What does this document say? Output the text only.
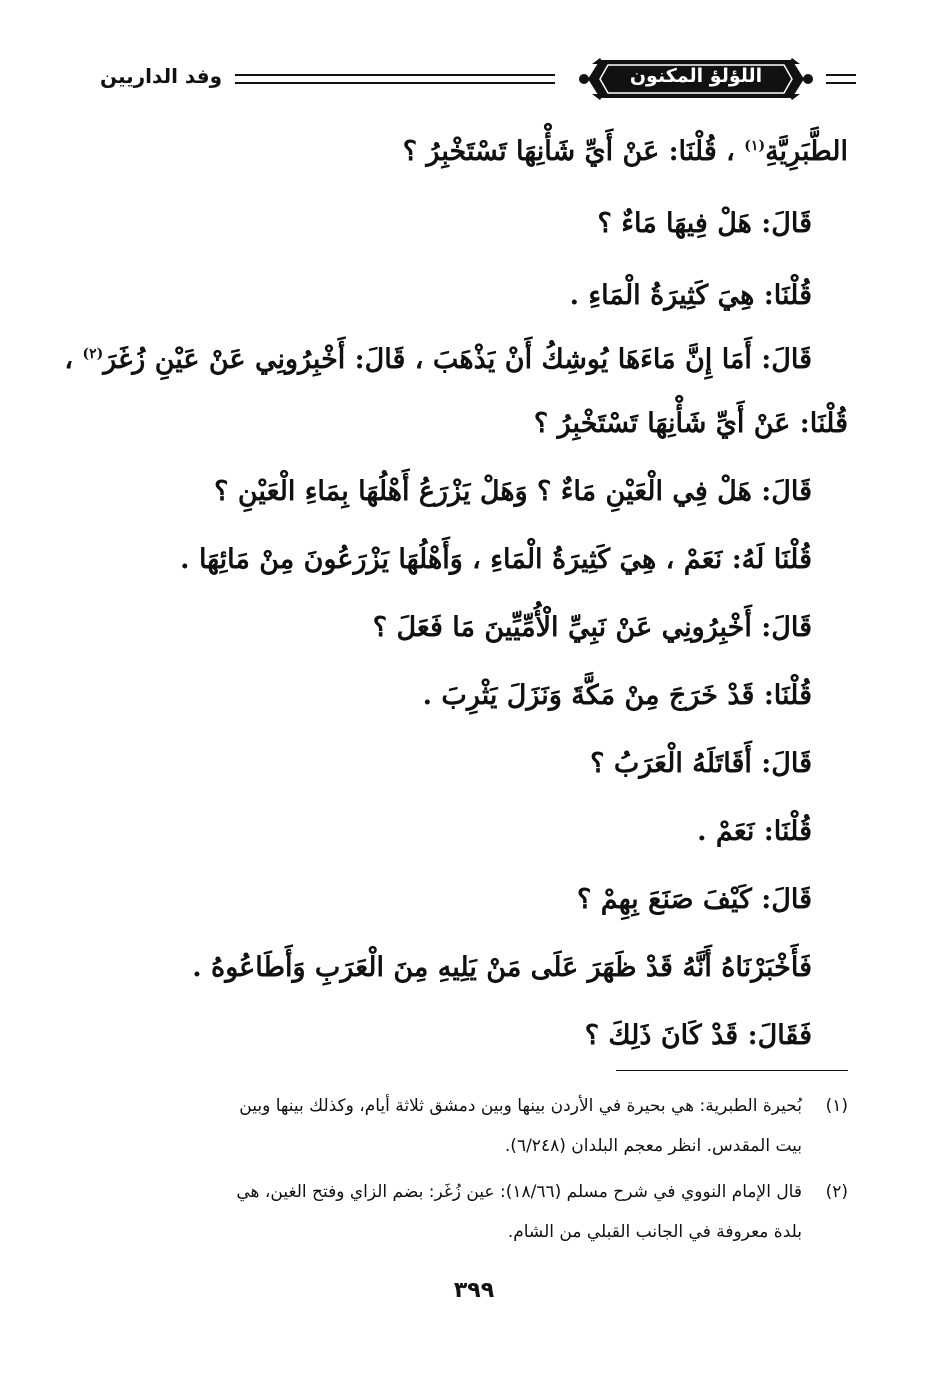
وفد الداريين	اللؤلؤ المكنون
الطَّبَرِيَّةِ$^{(١)}$ ، قُلْنَا: عَنْ أَيِّ شَأْنِهَا تَسْتَخْبِرُ ؟
قَالَ: هَلْ فِيهَا مَاءٌ ؟
قُلْنَا: هِيَ كَثِيرَةُ الْمَاءِ .
قَالَ: أَمَا إِنَّ مَاءَهَا يُوشِكُ أَنْ يَذْهَبَ ، قَالَ: أَخْبِرُونِي عَنْ عَيْنِ زُغَرَ$^{(٢)}$ ،
قُلْنَا: عَنْ أَيِّ شَأْنِهَا تَسْتَخْبِرُ ؟
قَالَ: هَلْ فِي الْعَيْنِ مَاءٌ ؟ وَهَلْ يَزْرَعُ أَهْلُهَا بِمَاءِ الْعَيْنِ ؟
قُلْنَا لَهُ: نَعَمْ ، هِيَ كَثِيرَةُ الْمَاءِ ، وَأَهْلُهَا يَزْرَعُونَ مِنْ مَائِهَا .
قَالَ: أَخْبِرُونِي عَنْ نَبِيِّ الْأُمِّيِّينَ مَا فَعَلَ ؟
قُلْنَا: قَدْ خَرَجَ مِنْ مَكَّةَ وَنَزَلَ يَثْرِبَ .
قَالَ: أَقَاتَلَهُ الْعَرَبُ ؟
قُلْنَا: نَعَمْ .
قَالَ: كَيْفَ صَنَعَ بِهِمْ ؟
فَأَخْبَرْنَاهُ أَنَّهُ قَدْ ظَهَرَ عَلَى مَنْ يَلِيهِ مِنَ الْعَرَبِ وَأَطَاعُوهُ .
فَقَالَ: قَدْ كَانَ ذَلِكَ ؟
(١)
بُحيرة الطبرية: هي بحيرة في الأردن بينها وبين دمشق ثلاثة أيام، وكذلك بينها وبين
بيت المقدس. انظر معجم البلدان (٦/٢٤٨).
(٢)
قال الإمام النووي في شرح مسلم (١٨/٦٦): عين زُغَر: بضم الزاي وفتح الغين، هي
بلدة معروفة في الجانب القبلي من الشام.
٣٩٩
